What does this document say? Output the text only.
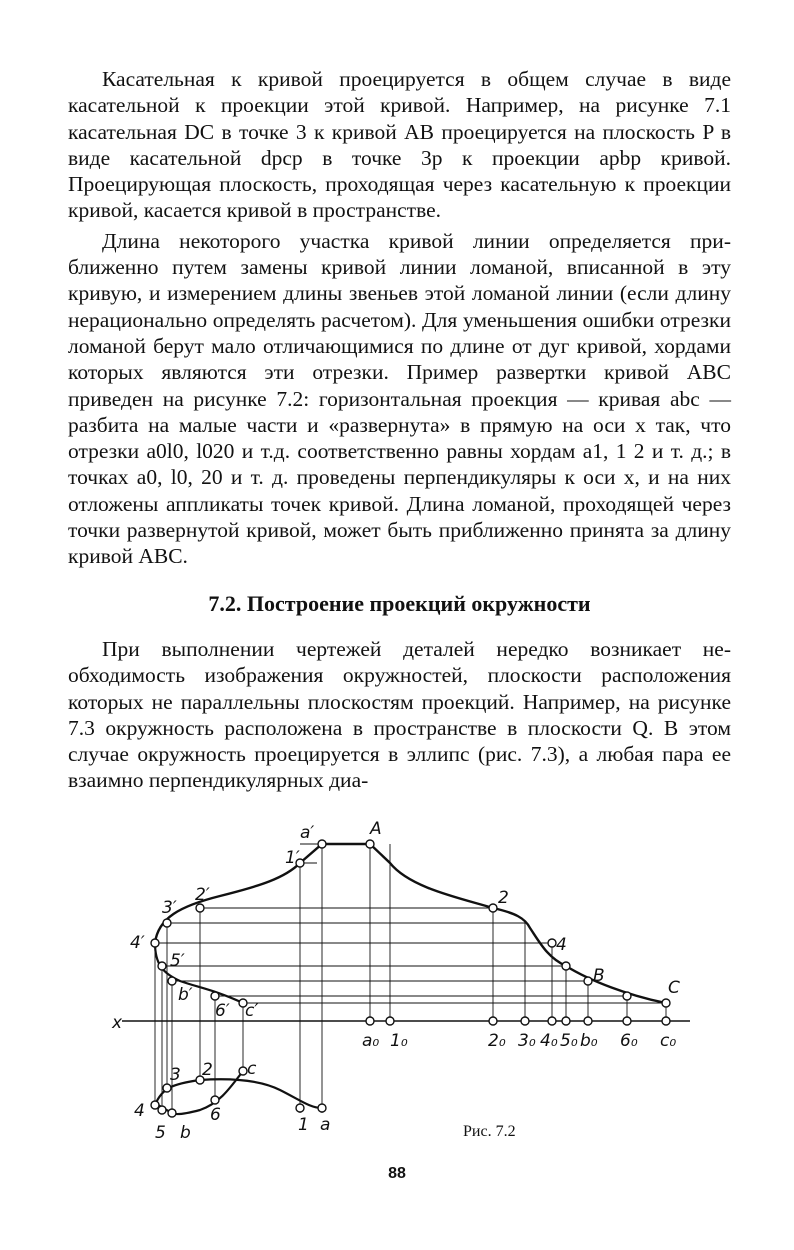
Касательная к кривой проецируется в общем случае в виде касательной к проекции этой кривой. Например, на рисунке 7.1 касательная DC в точке 3 к кривой AB проецируется на плоскость P в виде касательной dpcp в точке 3p к проекции apbp кривой. Проецирующая плоскость, проходящая через касательную к проекции кривой, касается кривой в пространстве.

Длина некоторого участка кривой линии определяется приближенно путем замены кривой линии ломаной, вписанной в эту кривую, и измерением длины звеньев этой ломаной линии (если длину нерационально определять расчетом). Для уменьшения ошибки отрезки ломаной берут мало отличающимися по длине от дуг кривой, хордами которых являются эти отрезки. Пример развертки кривой ABC приведен на рисунке 7.2: горизонтальная проекция — кривая abc — разбита на малые части и «развернута» в прямую на оси x так, что отрезки a0l0, l020 и т.д. соответственно равны хордам a1, 1 2 и т. д.; в точках a0, l0, 20 и т. д. проведены перпендикуляры к оси x, и на них отложены аппликаты точек кривой. Длина ломаной, проходящей через точки развернутой кривой, может быть приближенно принята за длину кривой ABC.

7.2. Построение проекций окружности

При выполнении чертежей деталей нередко возникает необходимость изображения окружностей, плоскости расположения которых не параллельны плоскостям проекций. Например, на рисунке 7.3 окружность расположена в пространстве в плоскости Q. В этом случае окружность проецируется в эллипс (рис. 7.3), а любая пара ее взаимно перпендикулярных диа-

a′	A
1′
2′
3′
4′
5′
b′
6′ c′
2
4
B
C
x
a₀ 1₀	2₀ 3₀ 4₀ 5₀ b₀ 6₀ c₀
3 2 c
4	6
5 b	1 a	Рис. 7.2
88
